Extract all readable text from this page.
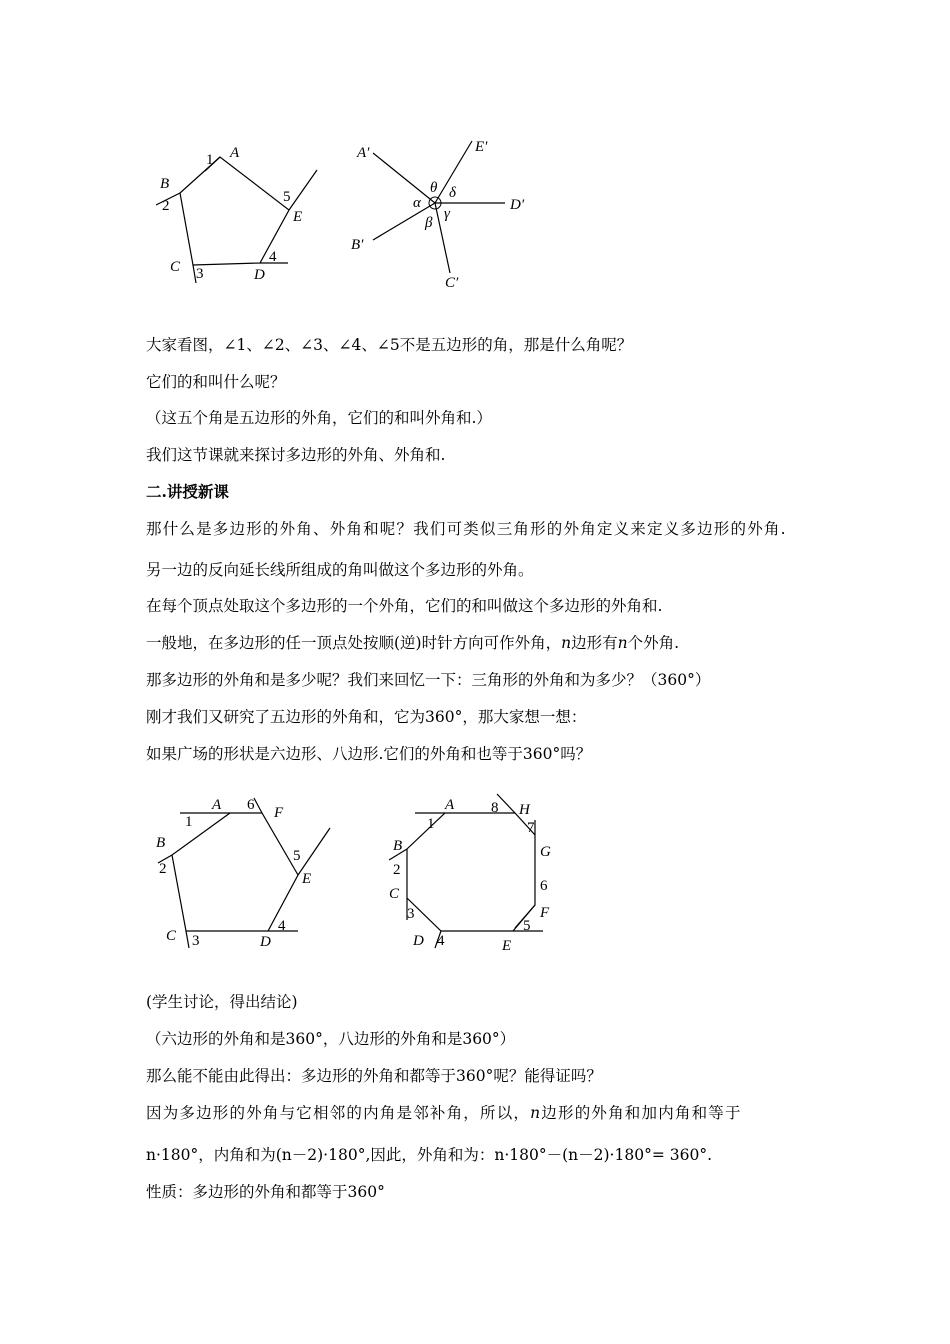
A
B
C	D
E
1
2
3
4
5
A′
B′
C′
D′
E′
α
β
γ
δ
θ
大家看图，∠1、∠2、∠3、∠4、∠5不是五边形的角，那是什么角呢？
它们的和叫什么呢？
（这五个角是五边形的外角，它们的和叫外角和.）
我们这节课就来探讨多边形的外角、外角和.
二.讲授新课
那什么是多边形的外角、外角和呢？我们可类似三角形的外角定义来定义多边形的外角.
另一边的反向延长线所组成的角叫做这个多边形的外角。
在每个顶点处取这个多边形的一个外角，它们的和叫做这个多边形的外角和.
一般地，在多边形的任一顶点处按顺(逆)时针方向可作外角，n边形有n个外角.
那多边形的外角和是多少呢？我们来回忆一下：三角形的外角和为多少？（360°）
刚才我们又研究了五边形的外角和，它为360°，那大家想一想：
如果广场的形状是六边形、八边形.它们的外角和也等于360°吗？
A
B
C	D
E
F
1
2
3
4
5
6	A
B
C
D	E
F
G
H
1
2
3
4
5
6
7
8
(学生讨论，得出结论)
（六边形的外角和是360°，八边形的外角和是360°）
那么能不能由此得出：多边形的外角和都等于360°呢？能得证吗？
因为多边形的外角与它相邻的内角是邻补角，所以，n边形的外角和加内角和等于
n·180°，内角和为(n－2)·180°,因此，外角和为：n·180°－(n－2)·180°= 360°.
性质：多边形的外角和都等于360°
